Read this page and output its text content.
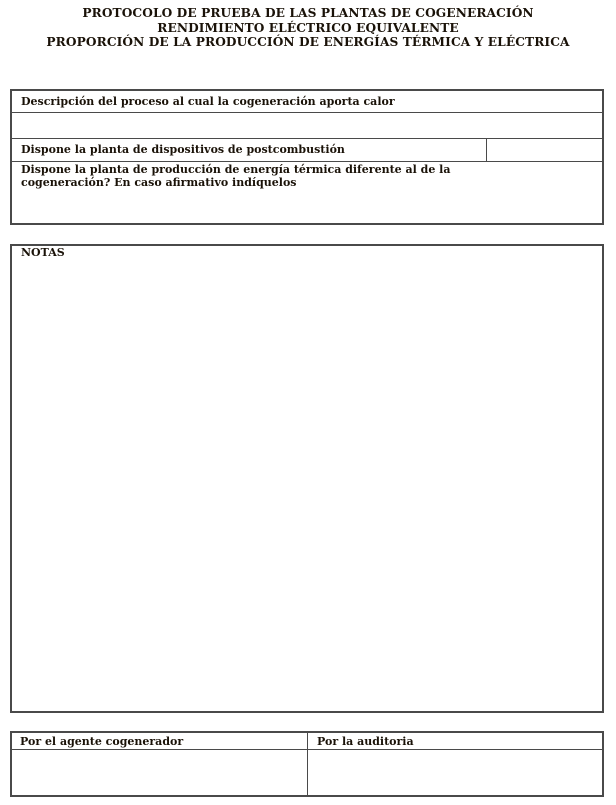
PROTOCOLO DE PRUEBA DE LAS PLANTAS DE COGENERACIÓN
RENDIMIENTO ELÉCTRICO EQUIVALENTE
PROPORCIÓN DE LA PRODUCCIÓN DE ENERGÍAS TÉRMICA Y ELÉCTRICA
Descripción del proceso al cual la cogeneración aporta calor
Dispone la planta de dispositivos de postcombustión
Dispone la planta de producción de energía térmica diferente al de la
cogeneración? En caso afirmativo indíquelos
NOTAS
Por el agente cogenerador	Por la auditoria
